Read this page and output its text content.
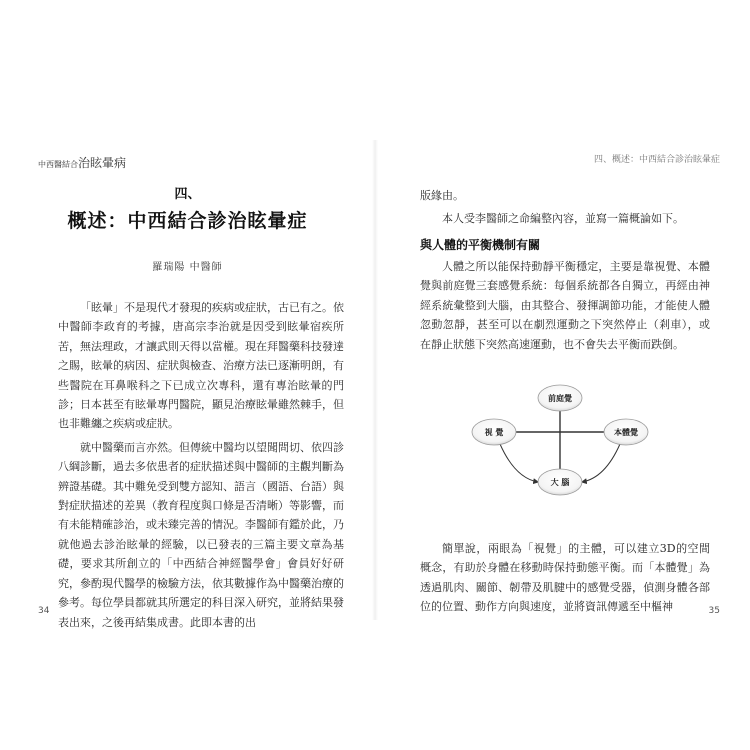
中西醫結合治眩暈病
四、
概述：中西結合診治眩暈症
羅瑞陽 中醫師

「眩暈」不是現代才發現的疾病或症狀，古已有之。依中醫師李政育的考據，唐高宗李治就是因受到眩暈宿疾所苦，無法理政，才讓武則天得以當權。現在拜醫藥科技發達之賜，眩暈的病因、症狀與檢查、治療方法已逐漸明朗，有些醫院在耳鼻喉科之下已成立次專科，還有專治眩暈的門診；日本甚至有眩暈專門醫院，顯見治療眩暈雖然棘手，但也非難纏之疾病或症狀。

就中醫藥而言亦然。但傳統中醫均以望聞問切、依四診八綱診斷，過去多依患者的症狀描述與中醫師的主觀判斷為辨證基礎。其中難免受到雙方認知、語言（國語、台語）與對症狀描述的差異（教育程度與口條是否清晰）等影響，而有未能精確診治，或未臻完善的情況。李醫師有鑑於此，乃就他過去診治眩暈的經驗，以已發表的三篇主要文章為基礎，要求其所創立的「中西結合神經醫學會」會員好好研究，參酌現代醫學的檢驗方法，依其數據作為中醫藥治療的參考。每位學員都就其所選定的科目深入研究，並將結果發表出來，之後再結集成書。此即本書的出

34
四、概述：中西結合診治眩暈症
35

版緣由。

本人受李醫師之命編整內容，並寫一篇概論如下。

與人體的平衡機制有關

人體之所以能保持動靜平衡穩定，主要是靠視覺、本體覺與前庭覺三套感覺系統：每個系統都各自獨立，再經由神經系統彙整到大腦，由其整合、發揮調節功能，才能使人體忽動忽靜，甚至可以在劇烈運動之下突然停止（剎車），或在靜止狀態下突然高速運動，也不會失去平衡而跌倒。

前庭覺
視 覺	本體覺
大 腦

簡單說，兩眼為「視覺」的主體，可以建立3D的空間概念，有助於身體在移動時保持動態平衡。而「本體覺」為透過肌肉、關節、韌帶及肌腱中的感覺受器，偵測身體各部位的位置、動作方向與速度，並將資訊傳遞至中樞神
